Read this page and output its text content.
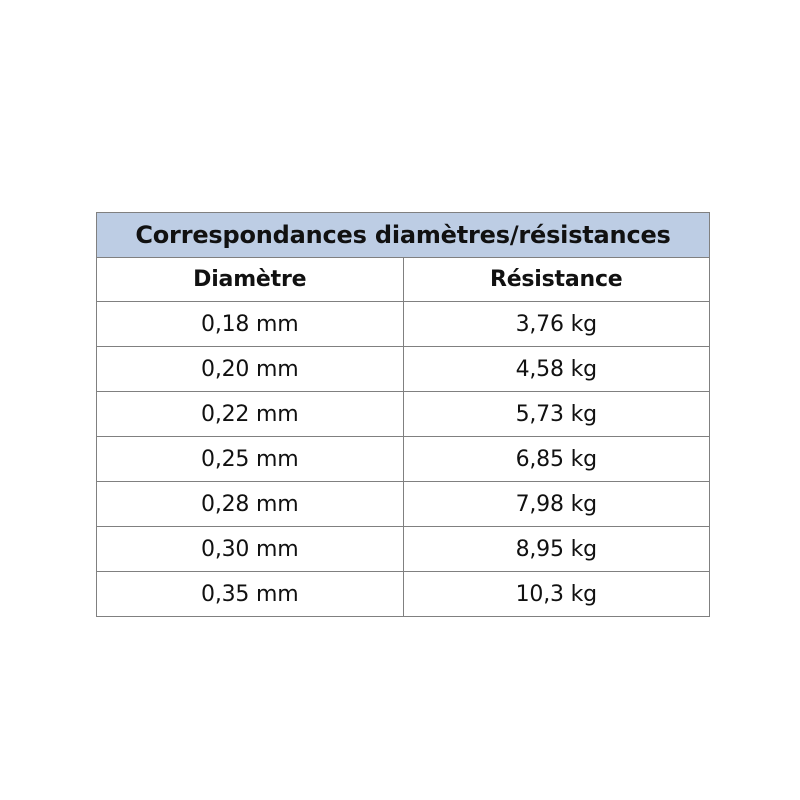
Correspondances diamètres/résistances	
Diamètre	Résistance
0,18 mm	3,76 kg
0,20 mm	4,58 kg
0,22 mm	5,73 kg
0,25 mm	6,85 kg
0,28 mm	7,98 kg
0,30 mm	8,95 kg
0,35 mm	10,3 kg
